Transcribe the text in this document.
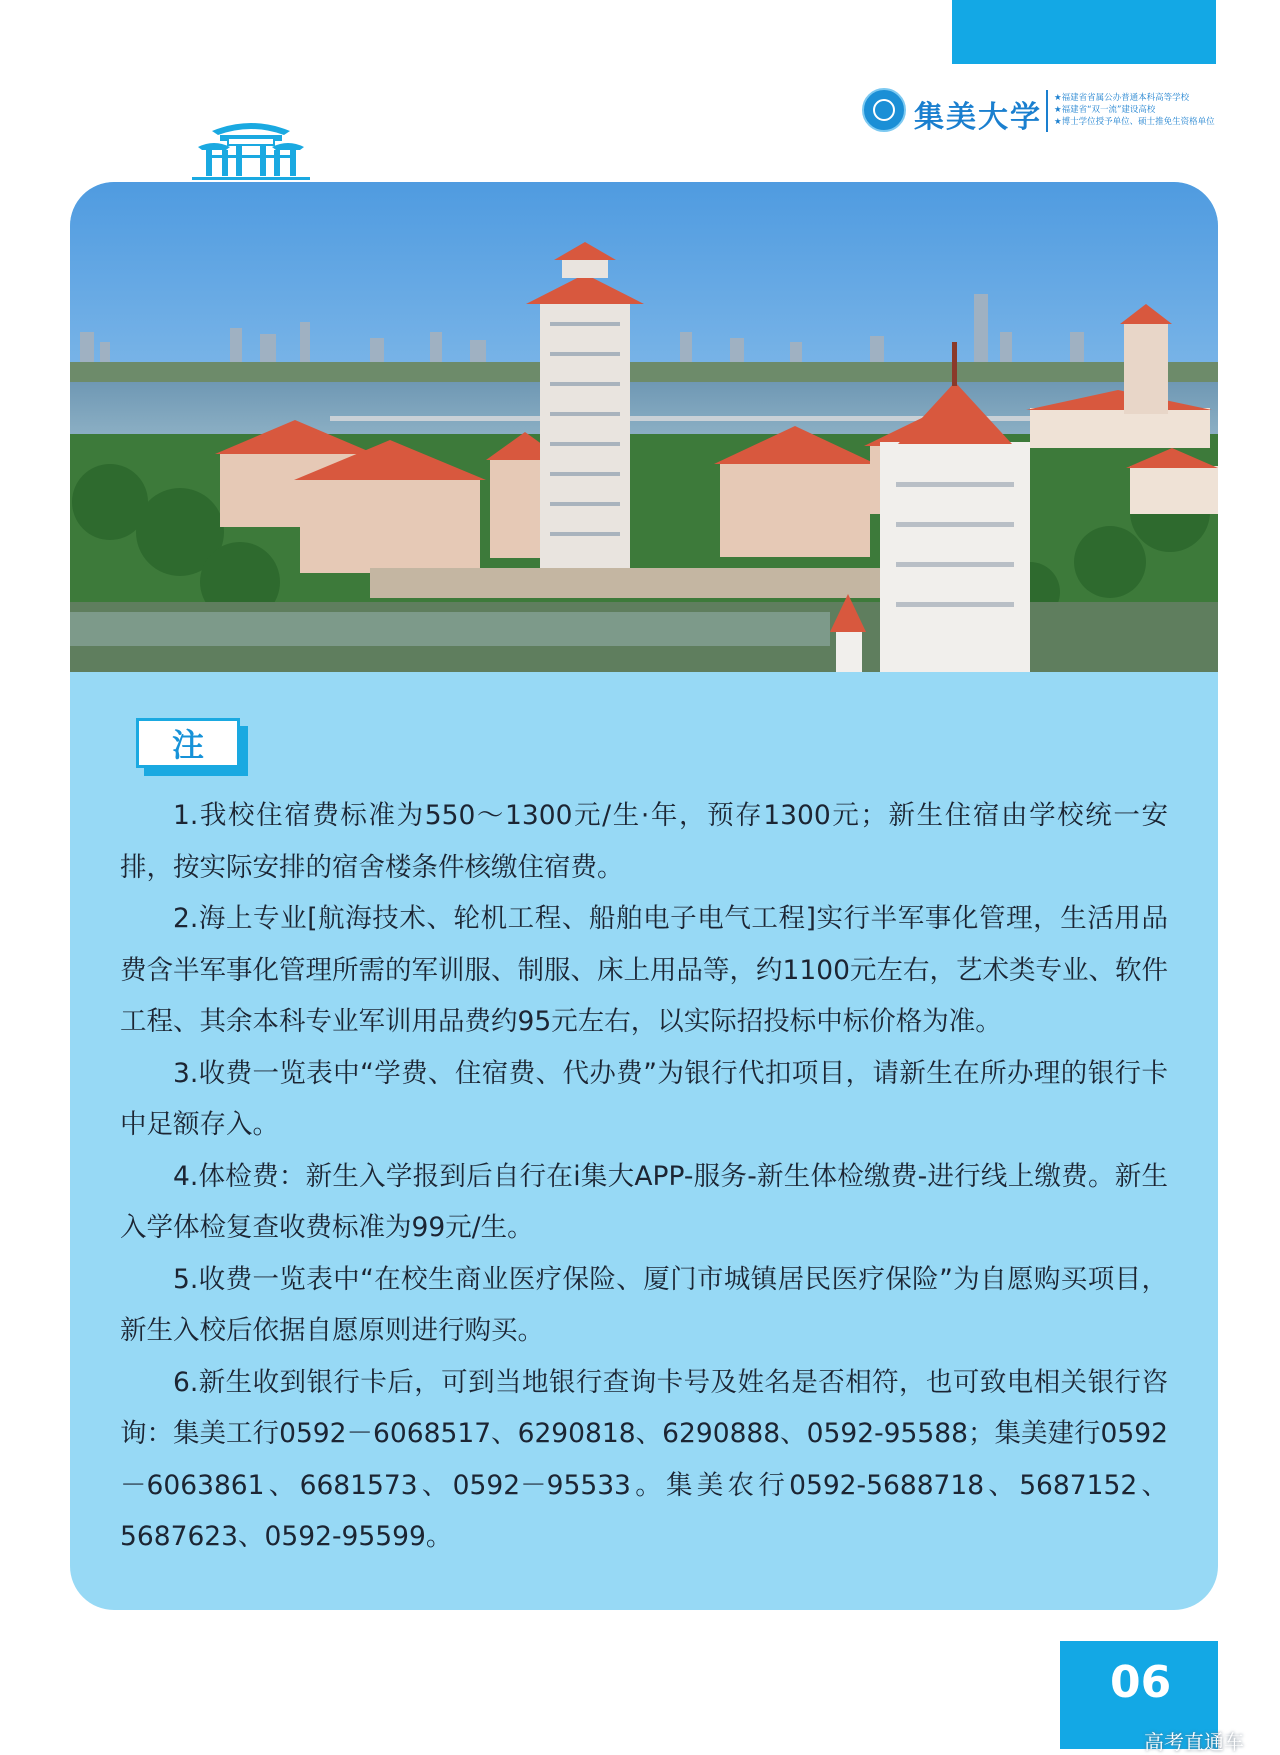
集美大学
★福建省省属公办普通本科高等学校
★福建省“双一流”建设高校
★博士学位授予单位、硕士推免生资格单位
注

1.我校住宿费标准为550～1300元/生·年，预存1300元；新生住宿由学校统一安排，按实际安排的宿舍楼条件核缴住宿费。

2.海上专业[航海技术、轮机工程、船舶电子电气工程]实行半军事化管理，生活用品费含半军事化管理所需的军训服、制服、床上用品等，约1100元左右，艺术类专业、软件工程、其余本科专业军训用品费约95元左右，以实际招投标中标价格为准。

3.收费一览表中“学费、住宿费、代办费”为银行代扣项目，请新生在所办理的银行卡中足额存入。

4.体检费：新生入学报到后自行在i集大APP-服务-新生体检缴费-进行线上缴费。新生入学体检复查收费标准为99元/生。

5.收费一览表中“在校生商业医疗保险、厦门市城镇居民医疗保险”为自愿购买项目，新生入校后依据自愿原则进行购买。

6.新生收到银行卡后，可到当地银行查询卡号及姓名是否相符，也可致电相关银行咨询：集美工行0592－6068517、6290818、6290888、0592-95588；集美建行0592－6063861、6681573、0592－95533。集美农行0592-5688718、5687152、5687623、0592-95599。

06
高考直通车
